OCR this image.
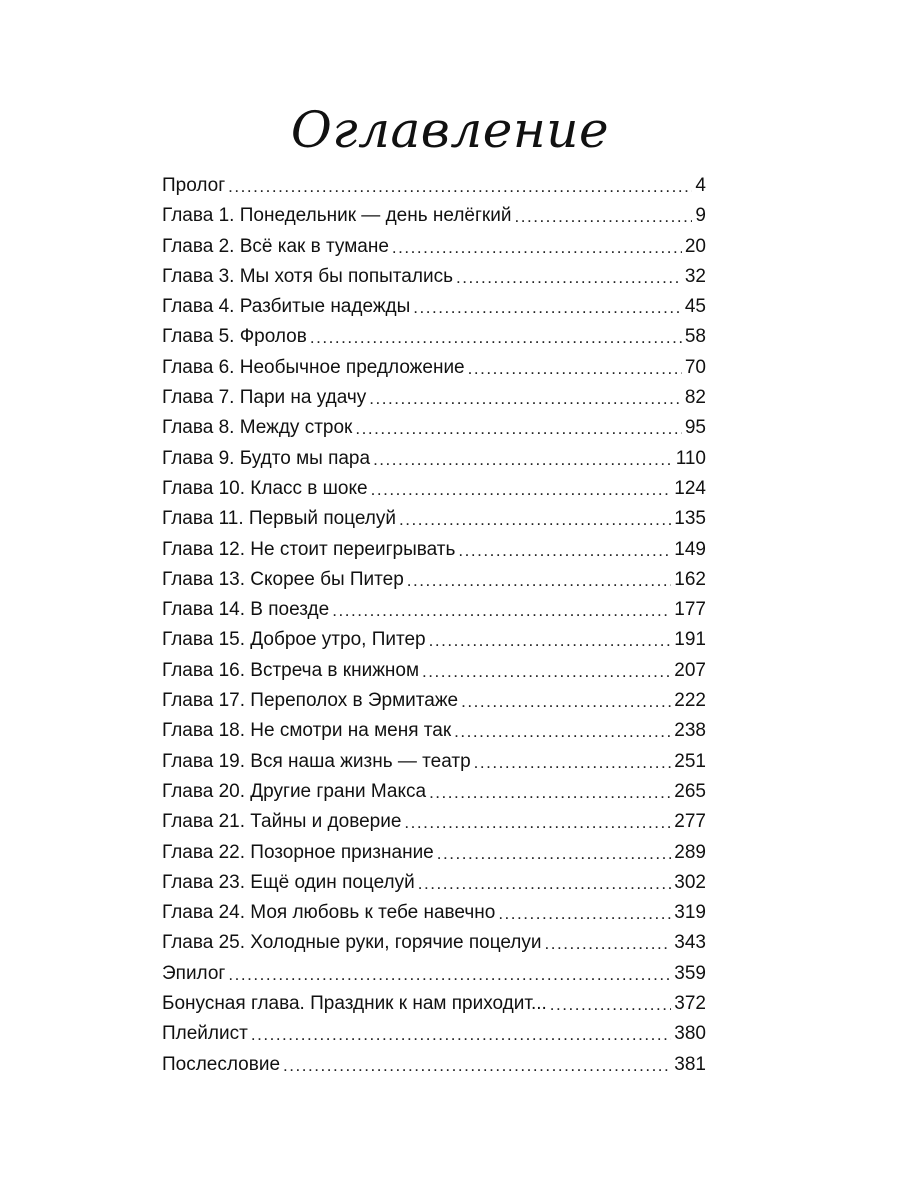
Оглавление
Пролог . . .	4
Глава 1. Понедельник — день нелёгкий . . .	9
Глава 2. Всё как в тумане . . .	20
Глава 3. Мы хотя бы попытались . . .	32
Глава 4. Разбитые надежды . . .	45
Глава 5. Фролов . . .	58
Глава 6. Необычное предложение . . .	70
Глава 7. Пари на удачу . . .	82
Глава 8. Между строк . . .	95
Глава 9. Будто мы пара . . .	110
Глава 10. Класс в шоке . . .	124
Глава 11. Первый поцелуй . . .	135
Глава 12. Не стоит переигрывать . . .	149
Глава 13. Скорее бы Питер . . .	162
Глава 14. В поезде . . .	177
Глава 15. Доброе утро, Питер . . .	191
Глава 16. Встреча в книжном . . .	207
Глава 17. Переполох в Эрмитаже . . .	222
Глава 18. Не смотри на меня так . . .	238
Глава 19. Вся наша жизнь — театр . . .	251
Глава 20. Другие грани Макса . . .	265
Глава 21. Тайны и доверие . . .	277
Глава 22. Позорное признание . . .	289
Глава 23. Ещё один поцелуй . . .	302
Глава 24. Моя любовь к тебе навечно . . .	319
Глава 25. Холодные руки, горячие поцелуи . . .	343
Эпилог . . .	359
Бонусная глава. Праздник к нам приходит... . . .	372
Плейлист . . .	380
Послесловие . . .	381
